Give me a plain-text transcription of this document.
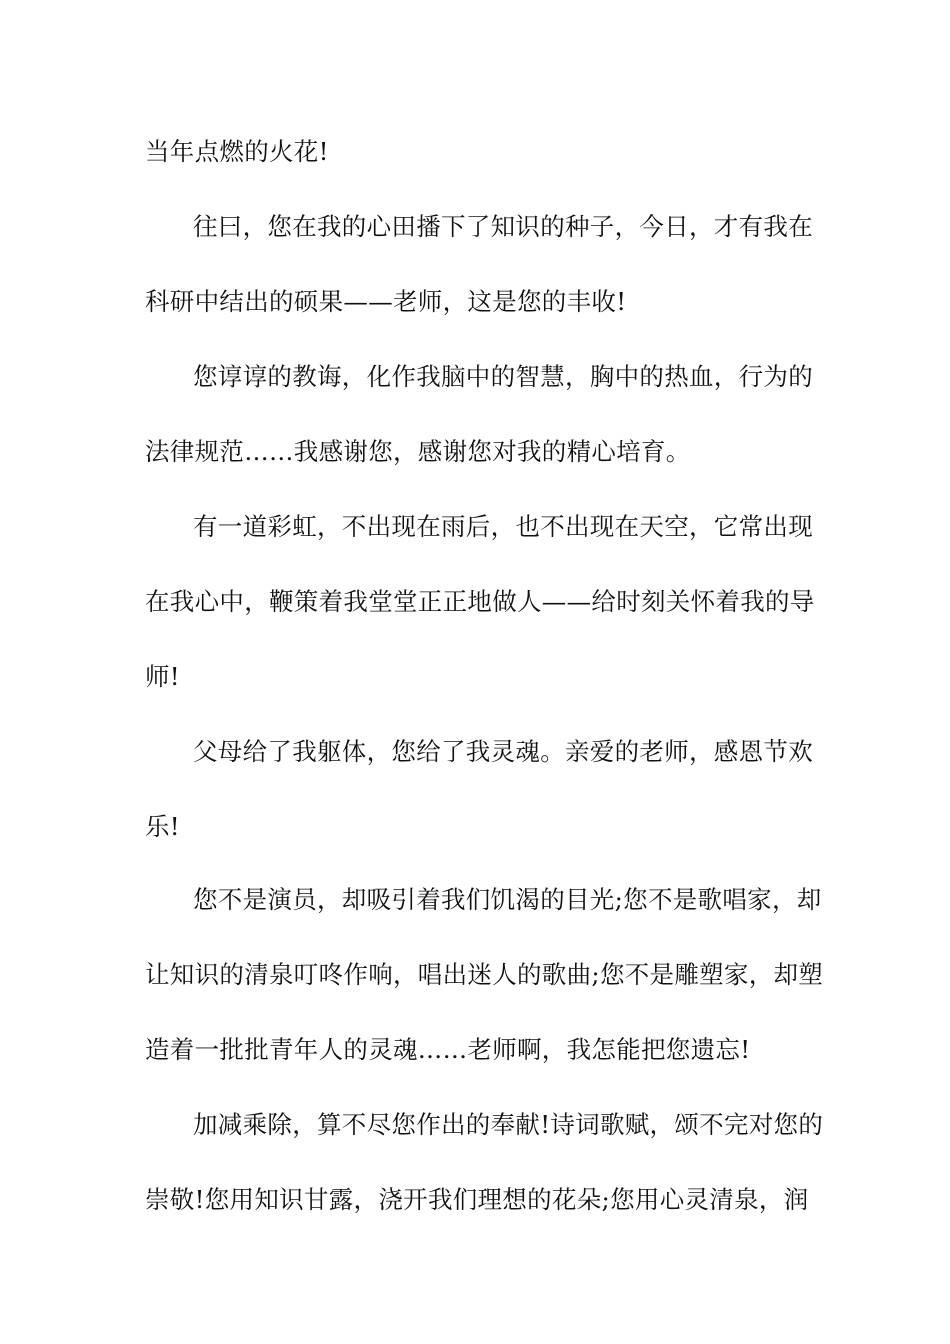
当年点燃的火花!
往曰，您在我的心田播下了知识的种子，今日，才有我在
科研中结出的硕果——老师，这是您的丰收!
您谆谆的教诲，化作我脑中的智慧，胸中的热血，行为的
法律规范……我感谢您，感谢您对我的精心培育。
有一道彩虹，不出现在雨后，也不出现在天空，它常出现
在我心中，鞭策着我堂堂正正地做人——给时刻关怀着我的导
师!
父母给了我躯体，您给了我灵魂。亲爱的老师，感恩节欢
乐!
您不是演员，却吸引着我们饥渴的目光;您不是歌唱家，却
让知识的清泉叮咚作响，唱出迷人的歌曲;您不是雕塑家，却塑
造着一批批青年人的灵魂……老师啊，我怎能把您遗忘!
加减乘除，算不尽您作出的奉献!诗词歌赋，颂不完对您的
崇敬!您用知识甘露，浇开我们理想的花朵;您用心灵清泉，润
